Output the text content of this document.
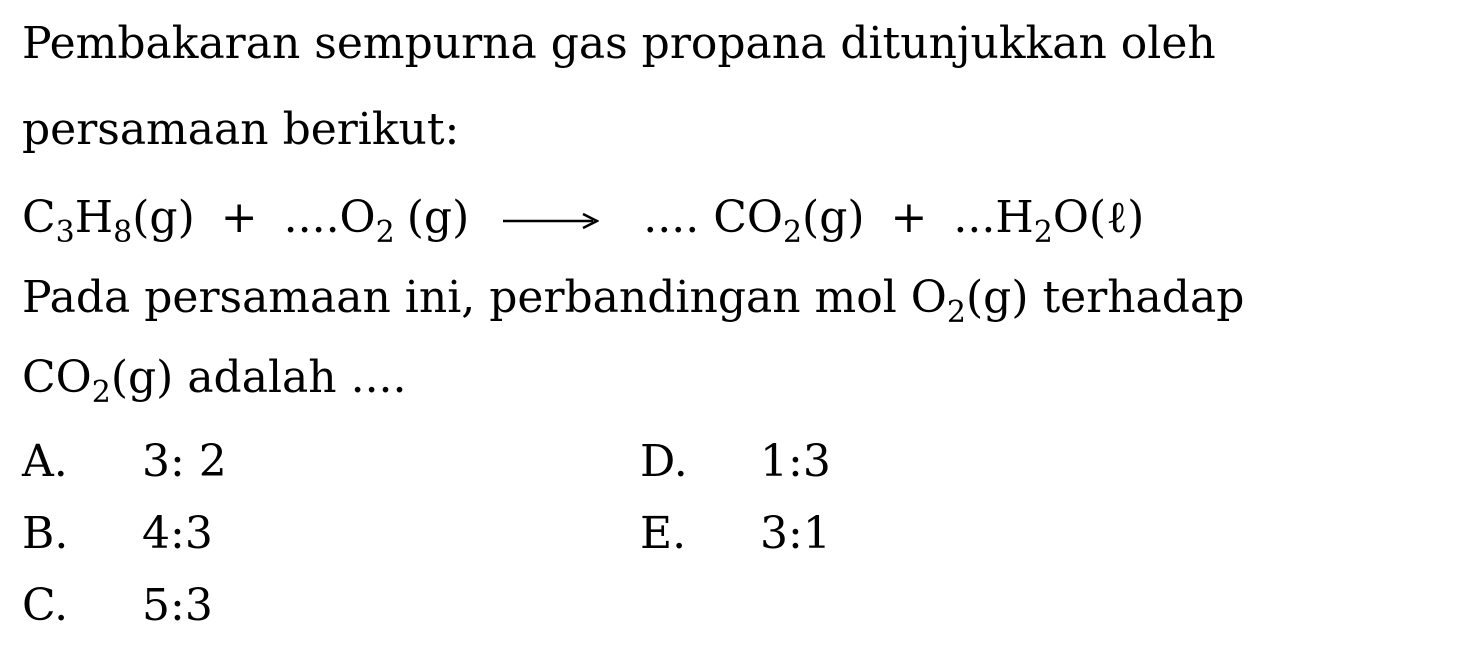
Pembakaran sempurna gas propana ditunjukkan oleh
persamaan berikut:
$C_3H_8(g) + ....O_2$ (g) → .... $CO_2(g)$ + $...H_2O(\ell)$
Pada persamaan ini, perbandingan mol $O_2(g)$ terhadap
$CO_2(g)$ adalah ....
A. 3: 2
B. 4:3
C. 5:3
D. 1:3
E. 3:1
